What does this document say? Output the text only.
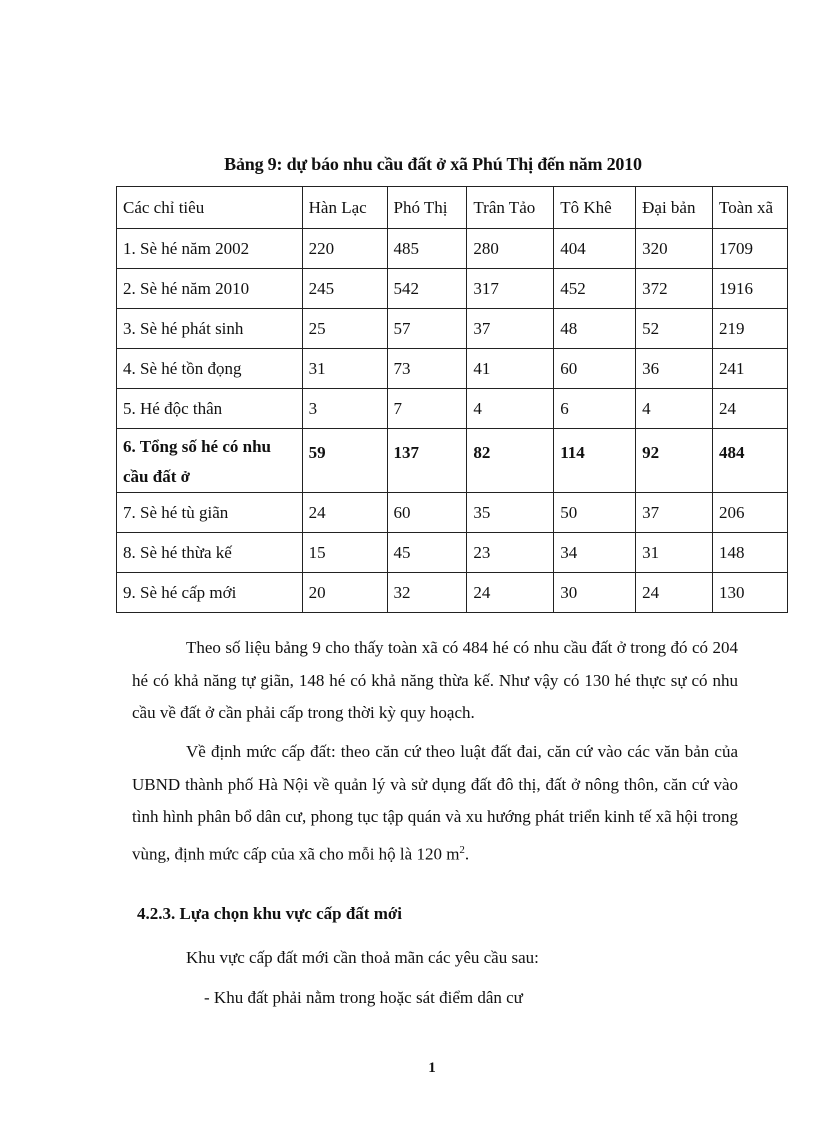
Bảng 9: dự báo nhu cầu đất ở xã Phú Thị đến năm 2010
Các chỉ tiêu	Hàn Lạc	Phó Thị	Trân Tảo	Tô Khê	Đại bản	Toàn xã
1. Sè hé năm 2002	220	485	280	404	320	1709
2. Sè hé năm 2010	245	542	317	452	372	1916
3. Sè hé phát sinh	25	57	37	48	52	219
4. Sè hé tồn đọng	31	73	41	60	36	241
5. Hé độc thân	3	7	4	6	4	24
6. Tổng số hé có nhu cầu đất ở	59	137	82	114	92	484
7. Sè hé tù giãn	24	60	35	50	37	206
8. Sè hé thừa kế	15	45	23	34	31	148
9. Sè hé cấp mới	20	32	24	30	24	130

Theo số liệu bảng 9 cho thấy toàn xã có 484 hé có nhu cầu đất ở trong đó có 204 hé có khả năng tự giãn, 148 hé có khả năng thừa kế. Như vậy có 130 hé thực sự có nhu cầu về đất ở cần phải cấp trong thời kỳ quy hoạch.

Về định mức cấp đất: theo căn cứ theo luật đất đai, căn cứ vào các văn bản của UBND thành phố Hà Nội về quản lý và sử dụng đất đô thị, đất ở nông thôn, căn cứ vào tình hình phân bổ dân cư, phong tục tập quán và xu hướng phát triển kinh tế xã hội trong vùng, định mức cấp của xã cho mỗi hộ là 120 $m^2$.

4.2.3. Lựa chọn khu vực cấp đất mới

Khu vực cấp đất mới cần thoả mãn các yêu cầu sau:

- Khu đất phải nằm trong hoặc sát điểm dân cư

1
